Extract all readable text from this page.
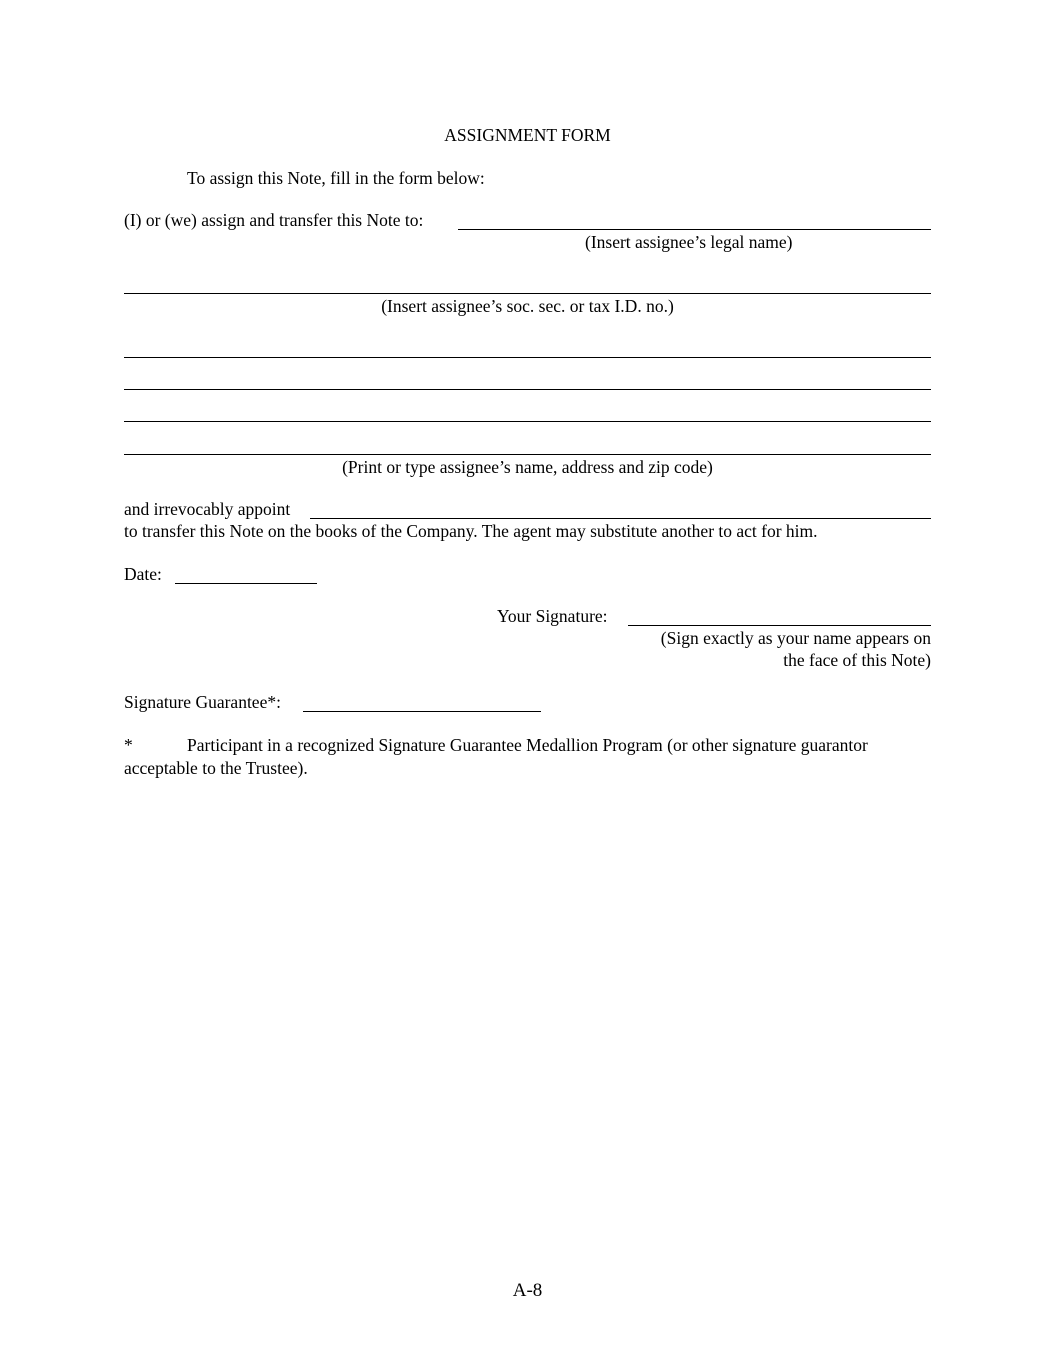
ASSIGNMENT FORM
To assign this Note, fill in the form below:
(I) or (we) assign and transfer this Note to:
(Insert assignee’s legal name)
(Insert assignee’s soc. sec. or tax I.D. no.)
(Print or type assignee’s name, address and zip code)
and irrevocably appoint
to transfer this Note on the books of the Company. The agent may substitute another to act for him.
Date:
Your Signature:
(Sign exactly as your name appears on
the face of this Note)
Signature Guarantee*:
*	Participant in a recognized Signature Guarantee Medallion Program (or other signature guarantor
acceptable to the Trustee).
A-8
